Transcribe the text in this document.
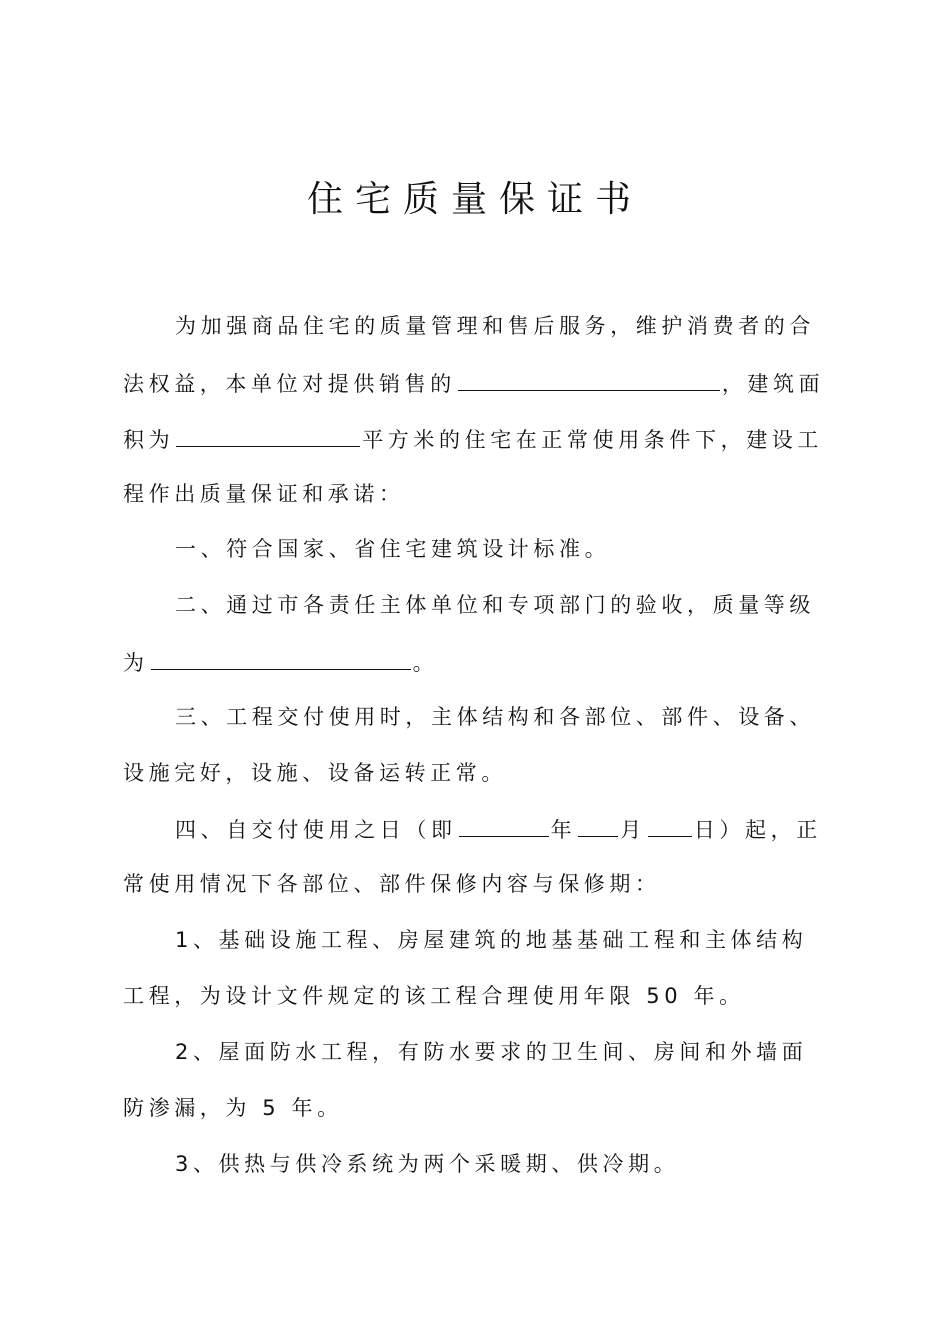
住宅质量保证书
为加强商品住宅的质量管理和售后服务，维护消费者的合
法权益，本单位对提供销售的	，建筑面
积为	平方米的住宅在正常使用条件下，建设工
程作出质量保证和承诺：
一、符合国家、省住宅建筑设计标准。
二、通过市各责任主体单位和专项部门的验收，质量等级
为	。
三、工程交付使用时，主体结构和各部位、部件、设备、
设施完好，设施、设备运转正常。
四、自交付使用之日（即	年 月 日）起，正
常使用情况下各部位、部件保修内容与保修期：
1、基础设施工程、房屋建筑的地基基础工程和主体结构
工程，为设计文件规定的该工程合理使用年限 50 年。
2、屋面防水工程，有防水要求的卫生间、房间和外墙面
防渗漏，为 5 年。
3、供热与供冷系统为两个采暖期、供冷期。
